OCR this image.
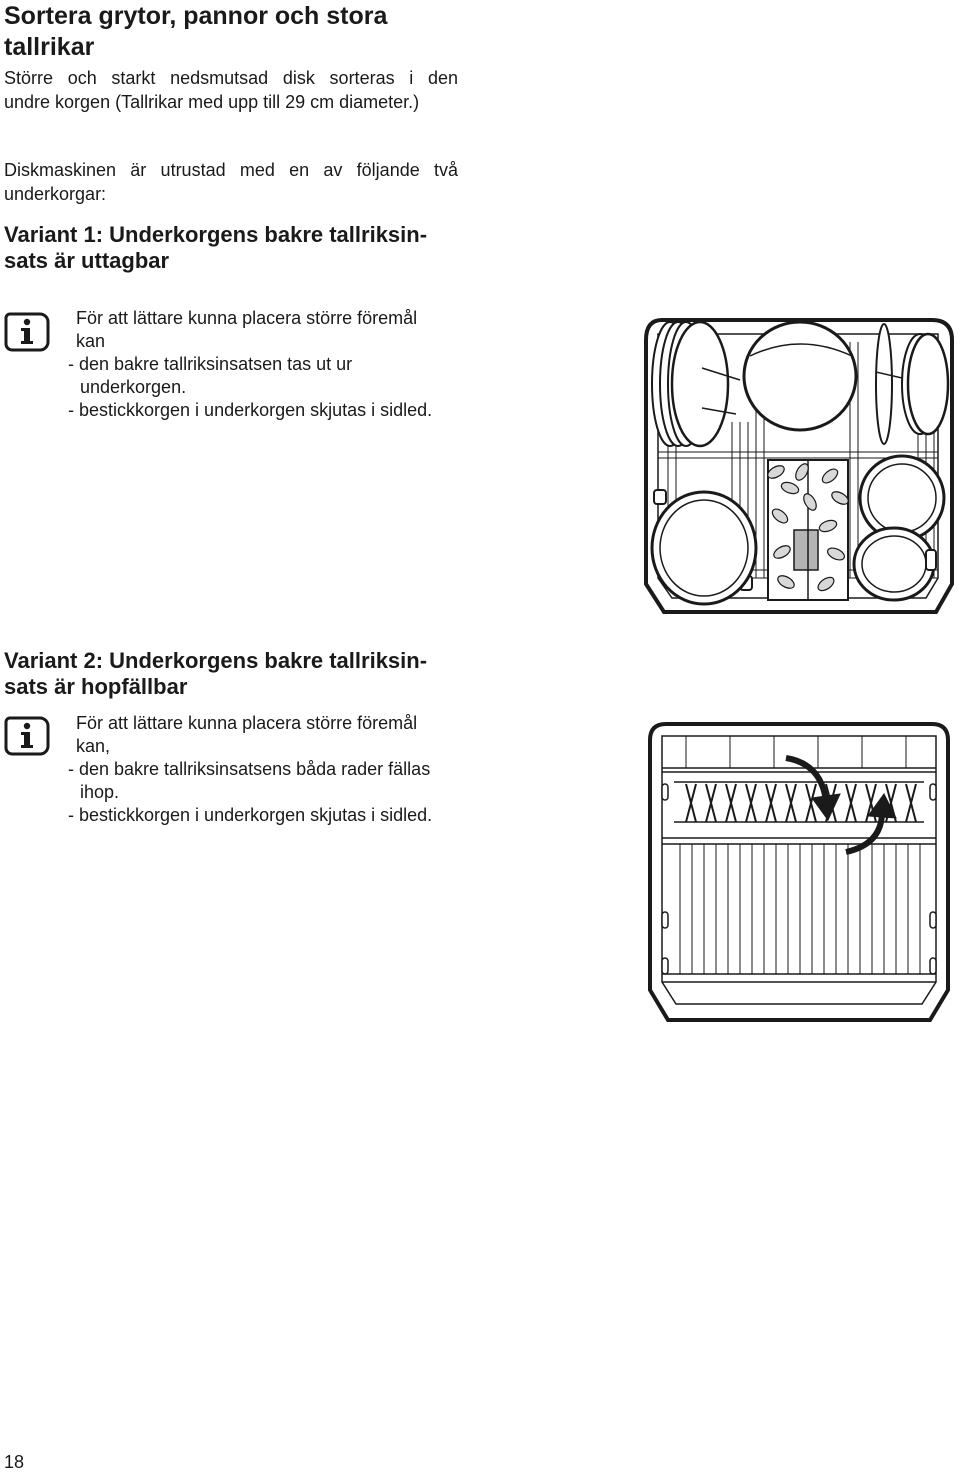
Sortera grytor, pannor och stora
tallrikar
Större och starkt nedsmutsad disk sorteras i den
undre korgen (Tallrikar med upp till 29 cm diameter.)
Diskmaskinen är utrustad med en av följande två
underkorgar:
Variant 1: Underkorgens bakre tallriksin-
sats är uttagbar
För att lättare kunna placera större föremål
kan
- den bakre tallriksinsatsen tas ut ur
underkorgen.
- bestickkorgen i underkorgen skjutas i sidled.
Variant 2: Underkorgens bakre tallriksin-
sats är hopfällbar
För att lättare kunna placera större föremål
kan,
- den bakre tallriksinsatsens båda rader fällas
ihop.
- bestickkorgen i underkorgen skjutas i sidled.
18
